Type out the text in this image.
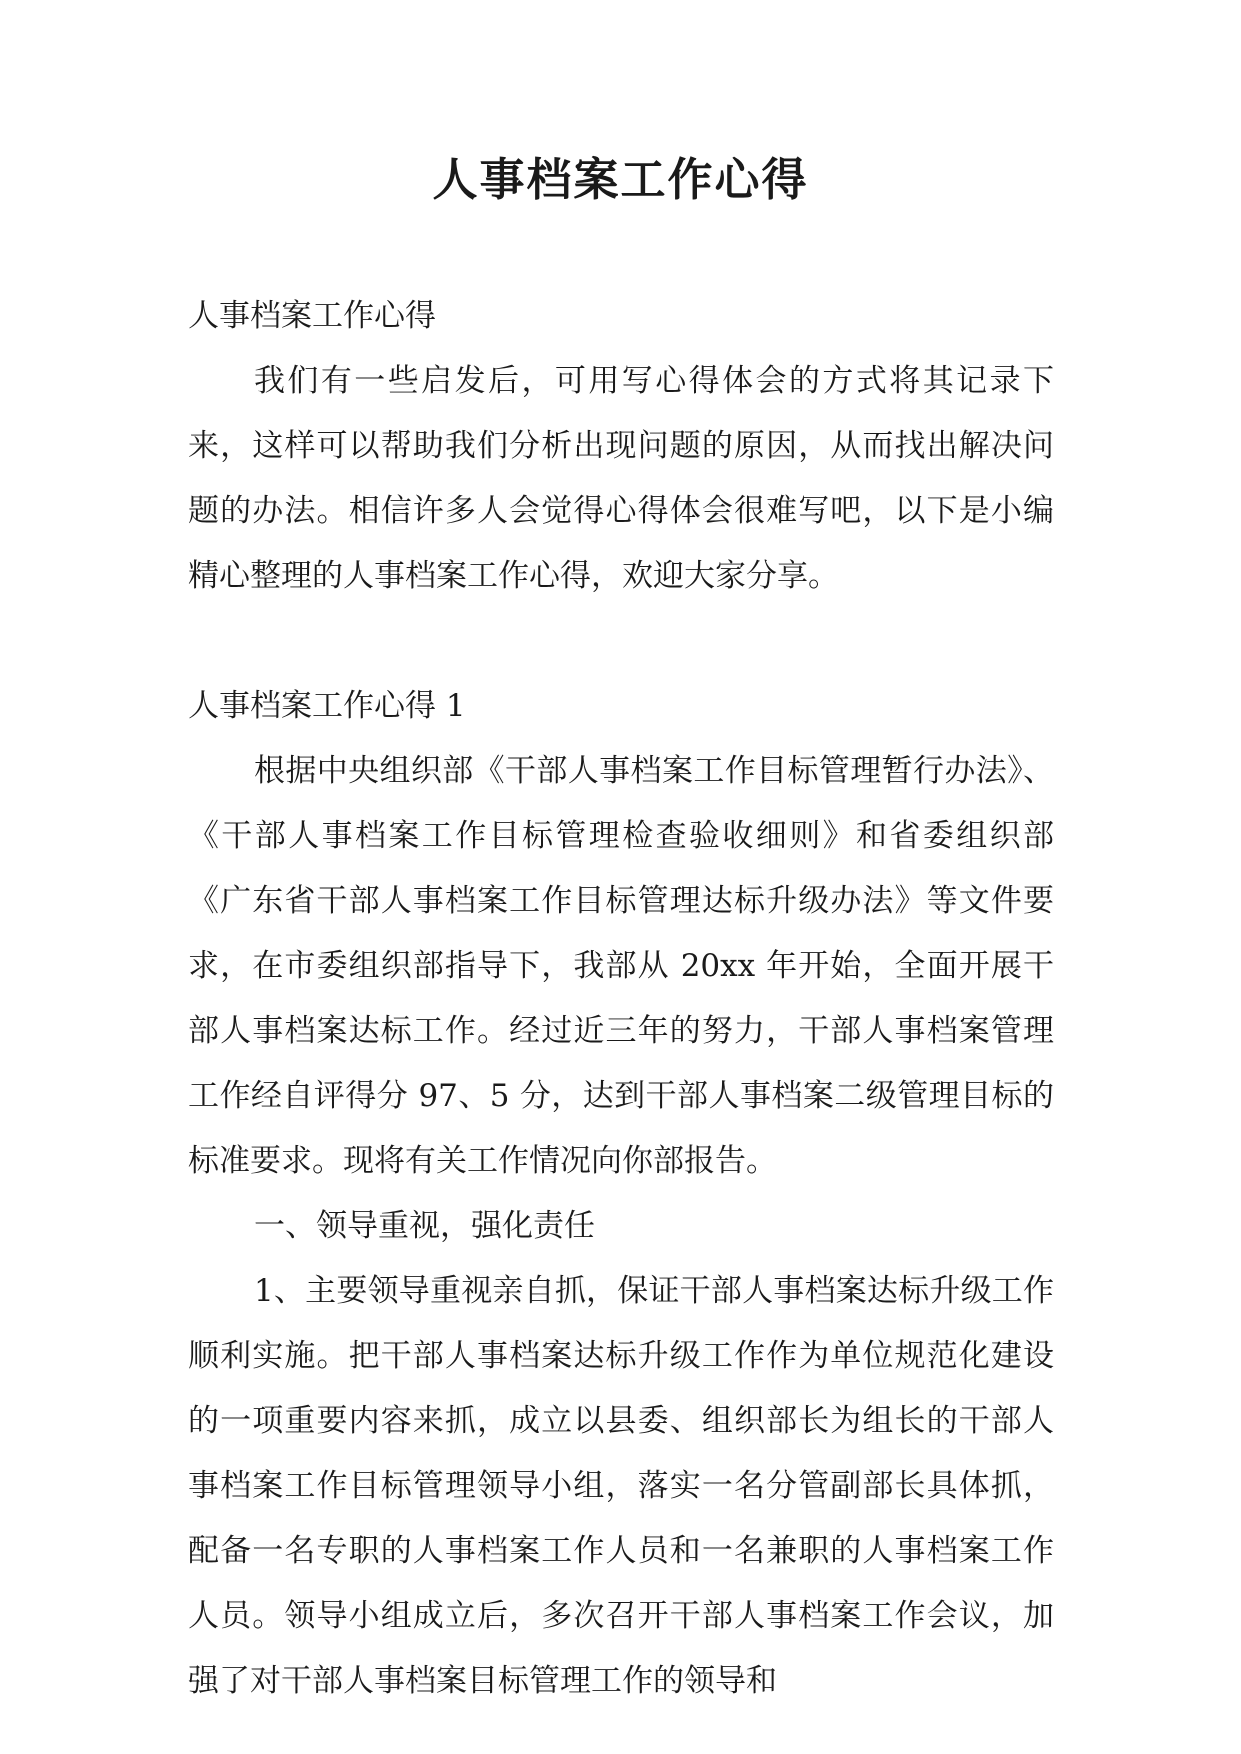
人事档案工作心得

人事档案工作心得

我们有一些启发后，可用写心得体会的方式将其记录下来，这样可以帮助我们分析出现问题的原因，从而找出解决问题的办法。相信许多人会觉得心得体会很难写吧，以下是小编精心整理的人事档案工作心得，欢迎大家分享。

人事档案工作心得 1

根据中央组织部《干部人事档案工作目标管理暂行办法》、《干部人事档案工作目标管理检查验收细则》和省委组织部《广东省干部人事档案工作目标管理达标升级办法》等文件要求，在市委组织部指导下，我部从 20xx 年开始，全面开展干部人事档案达标工作。经过近三年的努力，干部人事档案管理工作经自评得分 97、5 分，达到干部人事档案二级管理目标的标准要求。现将有关工作情况向你部报告。

一、领导重视，强化责任

1、主要领导重视亲自抓，保证干部人事档案达标升级工作顺利实施。把干部人事档案达标升级工作作为单位规范化建设的一项重要内容来抓，成立以县委、组织部长为组长的干部人事档案工作目标管理领导小组，落实一名分管副部长具体抓，配备一名专职的人事档案工作人员和一名兼职的人事档案工作人员。领导小组成立后，多次召开干部人事档案工作会议，加强了对干部人事档案目标管理工作的领导和
